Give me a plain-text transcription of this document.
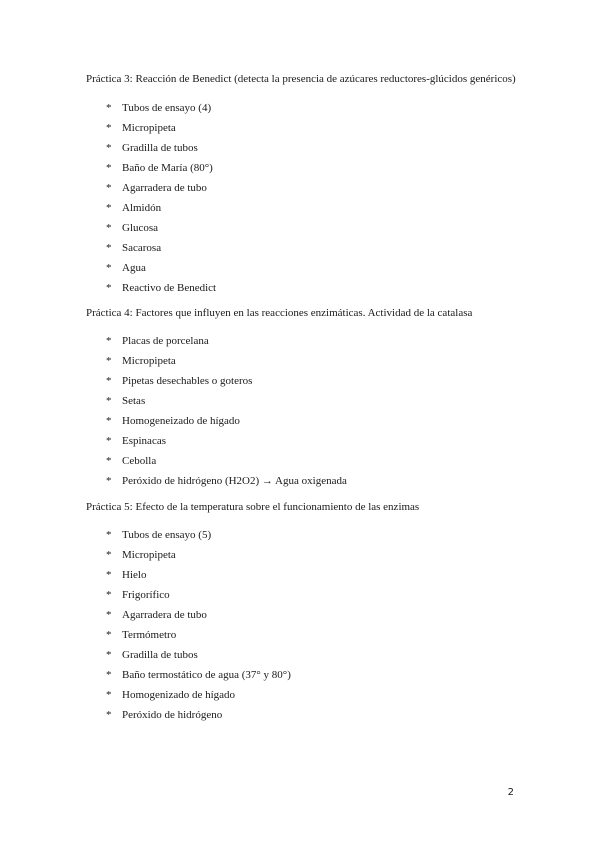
Práctica 3: Reacción de Benedict (detecta la presencia de azúcares reductores-glúcidos genéricos)

* Tubos de ensayo (4)
* Micropipeta
* Gradilla de tubos
* Baño de María (80°)
* Agarradera de tubo
* Almidón
* Glucosa
* Sacarosa
* Agua
* Reactivo de Benedict

Práctica 4: Factores que influyen en las reacciones enzimáticas. Actividad de la catalasa

* Placas de porcelana
* Micropipeta
* Pipetas desechables o goteros
* Setas
* Homogeneizado de hígado
* Espinacas
* Cebolla
* Peróxido de hidrógeno (H2O2) → Agua oxigenada

Práctica 5: Efecto de la temperatura sobre el funcionamiento de las enzimas

* Tubos de ensayo (5)
* Micropipeta
* Hielo
* Frigorífico
* Agarradera de tubo
* Termómetro
* Gradilla de tubos
* Baño termostático de agua (37° y 80°)
* Homogenizado de hígado
* Peróxido de hidrógeno
2
